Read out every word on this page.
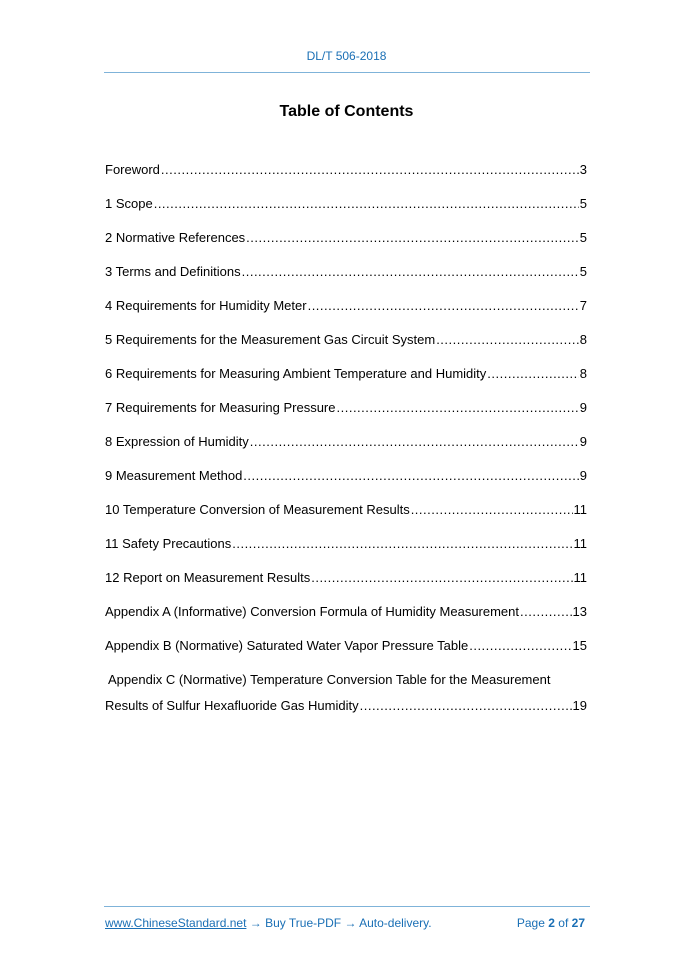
DL/T 506-2018
Table of Contents
Foreword .....	3
1 Scope .....	5
2 Normative References .....	5
3 Terms and Definitions .....	5
4 Requirements for Humidity Meter .....	7
5 Requirements for the Measurement Gas Circuit System .....	8
6 Requirements for Measuring Ambient Temperature and Humidity .....	8
7 Requirements for Measuring Pressure .....	9
8 Expression of Humidity .....	9
9 Measurement Method .....	9
10 Temperature Conversion of Measurement Results .....	11
11 Safety Precautions .....	11
12 Report on Measurement Results .....	11
Appendix A (Informative) Conversion Formula of Humidity Measurement .....	13
Appendix B (Normative) Saturated Water Vapor Pressure Table .....	15
Appendix C (Normative) Temperature Conversion Table for the Measurement
Results of Sulfur Hexafluoride Gas Humidity .....	19
www.ChineseStandard.net → Buy True-PDF → Auto-delivery.	Page 2 of 27
